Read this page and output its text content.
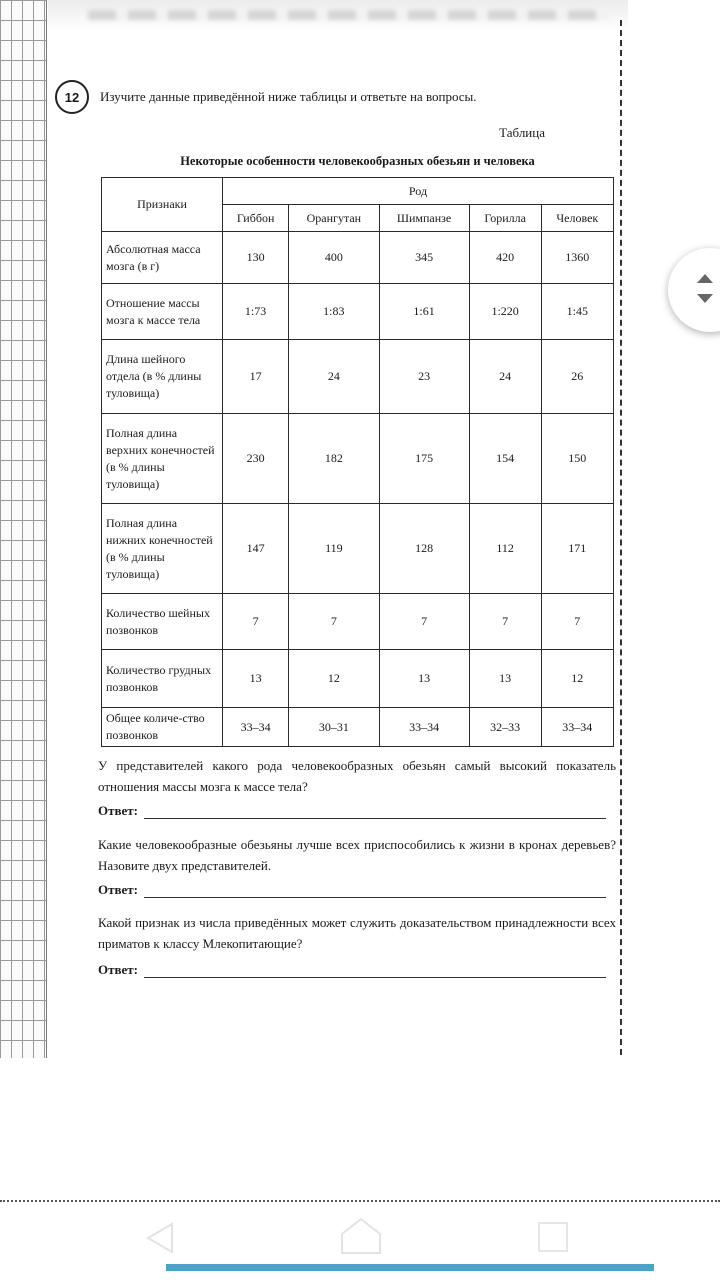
12	Изучите данные приведённой ниже таблицы и ответьте на вопросы.
Таблица
Некоторые особенности человекообразных обезьян и человека
Признаки	Род				
	Гиббон	Орангутан	Шимпанзе	Горилла	Человек
Абсолютная масса мозга (в г)	130	400	345	420	1360
Отношение массы мозга к массе тела	1:73	1:83	1:61	1:220	1:45
Длина шейного отдела (в % длины туловища)	17	24	23	24	26
Полная длина верхних конечностей (в % длины туловища)	230	182	175	154	150
Полная длина нижних конечностей (в % длины туловища)	147	119	128	112	171
Количество шейных позвонков	7	7	7	7	7
Количество грудных позвонков	13	12	13	13	12
Общее количе-ство позвонков	33–34	30–31	33–34	32–33	33–34
У представителей какого рода человекообразных обезьян самый высокий показатель отношения массы мозга к массе тела?
Ответ:
Какие человекообразные обезьяны лучше всех приспособились к жизни в кронах деревьев? Назовите двух представителей.
Ответ:
Какой признак из числа приведённых может служить доказательством принадлежности всех приматов к классу Млекопитающие?
Ответ:
